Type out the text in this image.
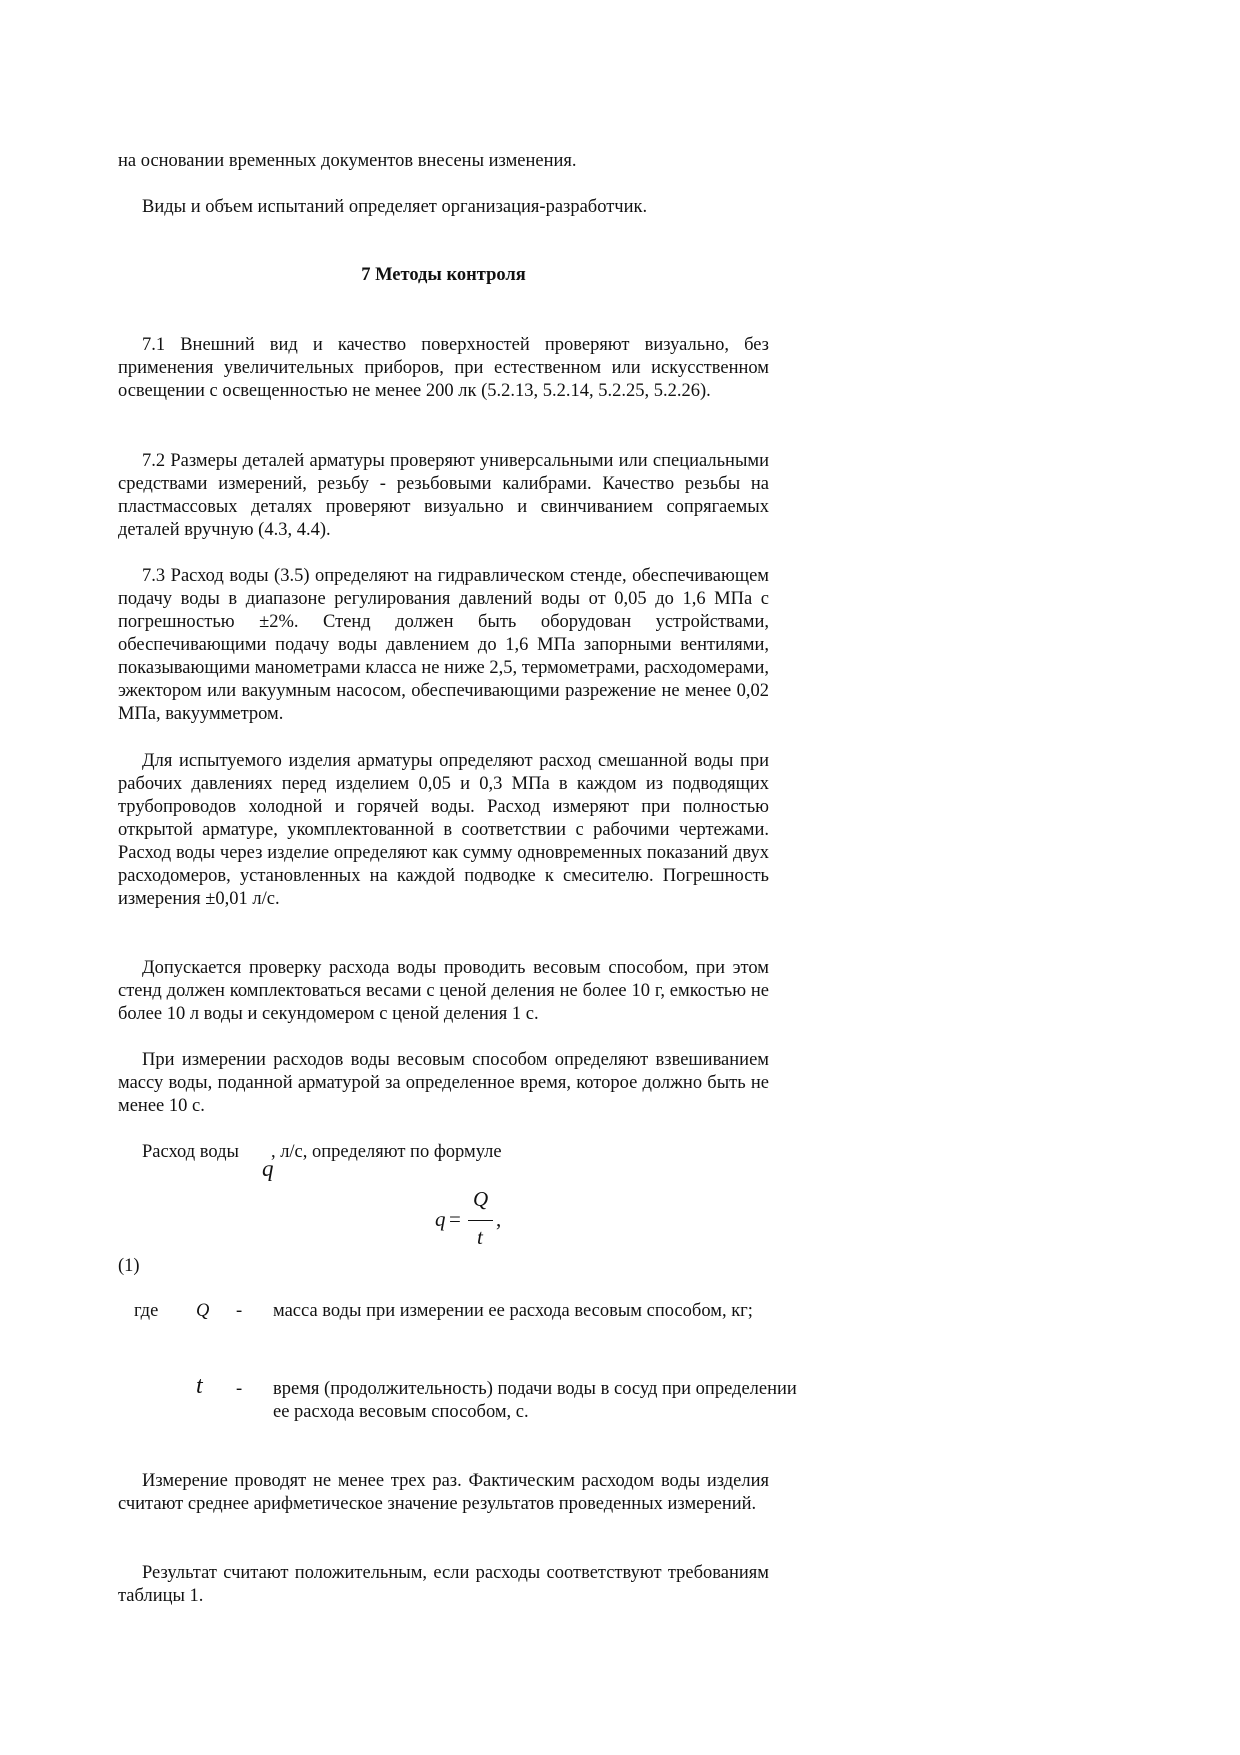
на основании временных документов внесены изменения.

Виды и объем испытаний определяет организация-разработчик.

7 Методы контроля

7.1 Внешний вид и качество поверхностей проверяют визуально, без применения увеличительных приборов, при естественном или искусственном освещении с освещенностью не менее 200 лк (5.2.13, 5.2.14, 5.2.25, 5.2.26).

7.2 Размеры деталей арматуры проверяют универсальными или специальными средствами измерений, резьбу - резьбовыми калибрами. Качество резьбы на пластмассовых деталях проверяют визуально и свинчиванием сопрягаемых деталей вручную (4.3, 4.4).

7.3 Расход воды (3.5) определяют на гидравлическом стенде, обеспечивающем подачу воды в диапазоне регулирования давлений воды от 0,05 до 1,6 МПа с погрешностью ±2%. Стенд должен быть оборудован устройствами, обеспечивающими подачу воды давлением до 1,6 МПа запорными вентилями, показывающими манометрами класса не ниже 2,5, термометрами, расходомерами, эжектором или вакуумным насосом, обеспечивающими разрежение не менее 0,02 МПа, вакуумметром.

Для испытуемого изделия арматуры определяют расход смешанной воды при рабочих давлениях перед изделием 0,05 и 0,3 МПа в каждом из подводящих трубопроводов холодной и горячей воды. Расход измеряют при полностью открытой арматуре, укомплектованной в соответствии с рабочими чертежами. Расход воды через изделие определяют как сумму одновременных показаний двух расходомеров, установленных на каждой подводке к смесителю. Погрешность измерения ±0,01 л/с.

Допускается проверку расхода воды проводить весовым способом, при этом стенд должен комплектоваться весами с ценой деления не более 10 г, емкостью не более 10 л воды и секундомером с ценой деления 1 с.

При измерении расходов воды весовым способом определяют взвешиванием массу воды, поданной арматурой за определенное время, которое должно быть не менее 10 с.

Расход воды , л/с, определяют по формуле

q
q =
Q
t
,

(1)

где Q - масса воды при измерении ее расхода весовым способом, кг;
t - время (продолжительность) подачи воды в сосуд при определении ее расхода весовым способом, с.

Измерение проводят не менее трех раз. Фактическим расходом воды изделия считают среднее арифметическое значение результатов проведенных измерений.

Результат считают положительным, если расходы соответствуют требованиям таблицы 1.
